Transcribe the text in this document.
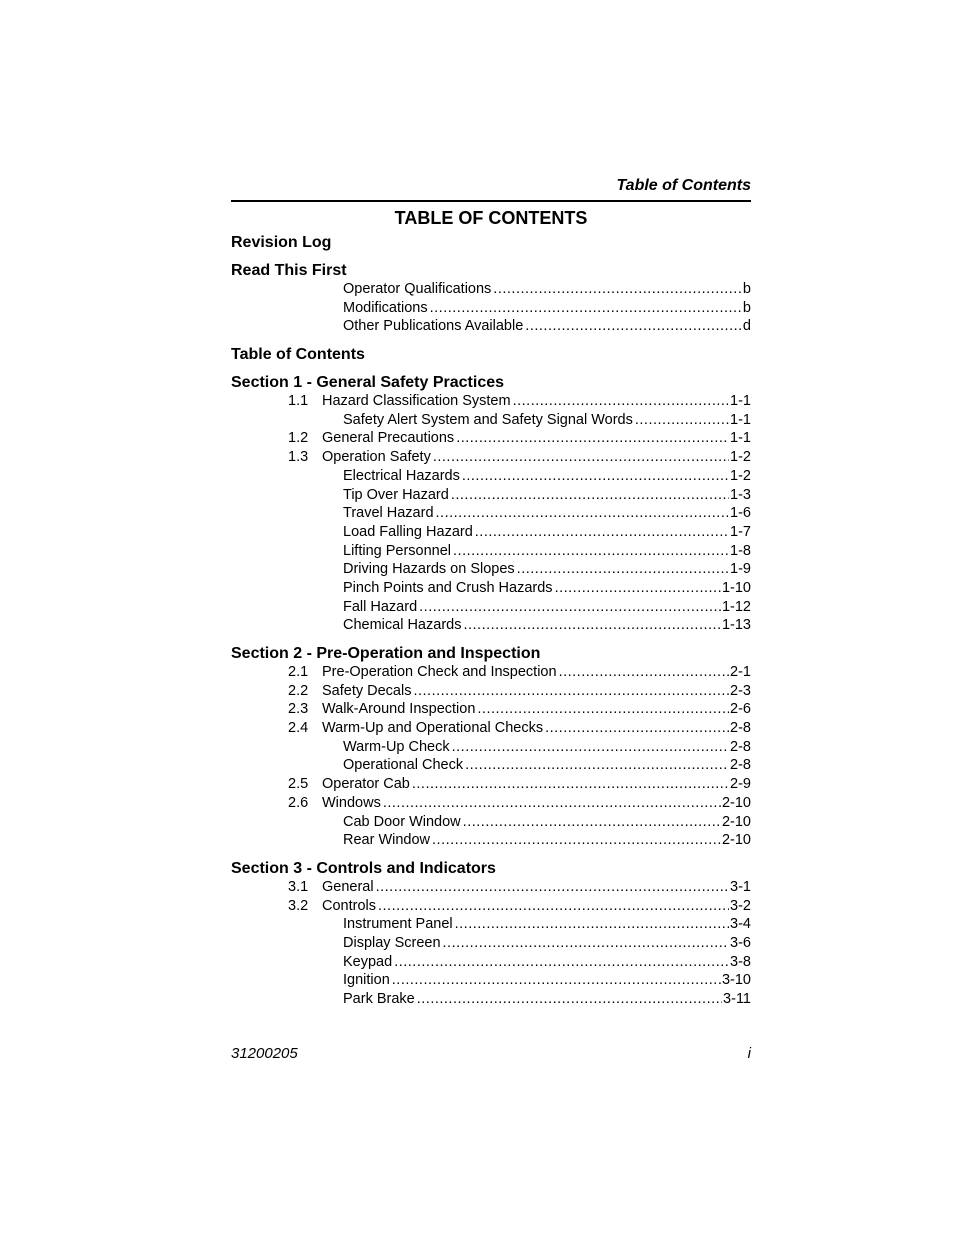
Table of Contents
TABLE OF CONTENTS
Revision Log
Read This First
Operator Qualifications .....	b
Modifications .....	b
Other Publications Available .....	d
Table of Contents
Section 1 - General Safety Practices
1.1 Hazard Classification System .....	1-1
Safety Alert System and Safety Signal Words .....	1-1
1.2 General Precautions .....	1-1
1.3 Operation Safety .....	1-2
Electrical Hazards .....	1-2
Tip Over Hazard .....	1-3
Travel Hazard .....	1-6
Load Falling Hazard .....	1-7
Lifting Personnel .....	1-8
Driving Hazards on Slopes .....	1-9
Pinch Points and Crush Hazards .....	1-10
Fall Hazard .....	1-12
Chemical Hazards .....	1-13
Section 2 - Pre-Operation and Inspection
2.1 Pre-Operation Check and Inspection .....	2-1
2.2 Safety Decals .....	2-3
2.3 Walk-Around Inspection .....	2-6
2.4 Warm-Up and Operational Checks .....	2-8
Warm-Up Check .....	2-8
Operational Check .....	2-8
2.5 Operator Cab .....	2-9
2.6 Windows .....	2-10
Cab Door Window .....	2-10
Rear Window .....	2-10
Section 3 - Controls and Indicators
3.1 General .....	3-1
3.2 Controls .....	3-2
Instrument Panel .....	3-4
Display Screen .....	3-6
Keypad .....	3-8
Ignition .....	3-10
Park Brake .....	3-11
31200205	i
